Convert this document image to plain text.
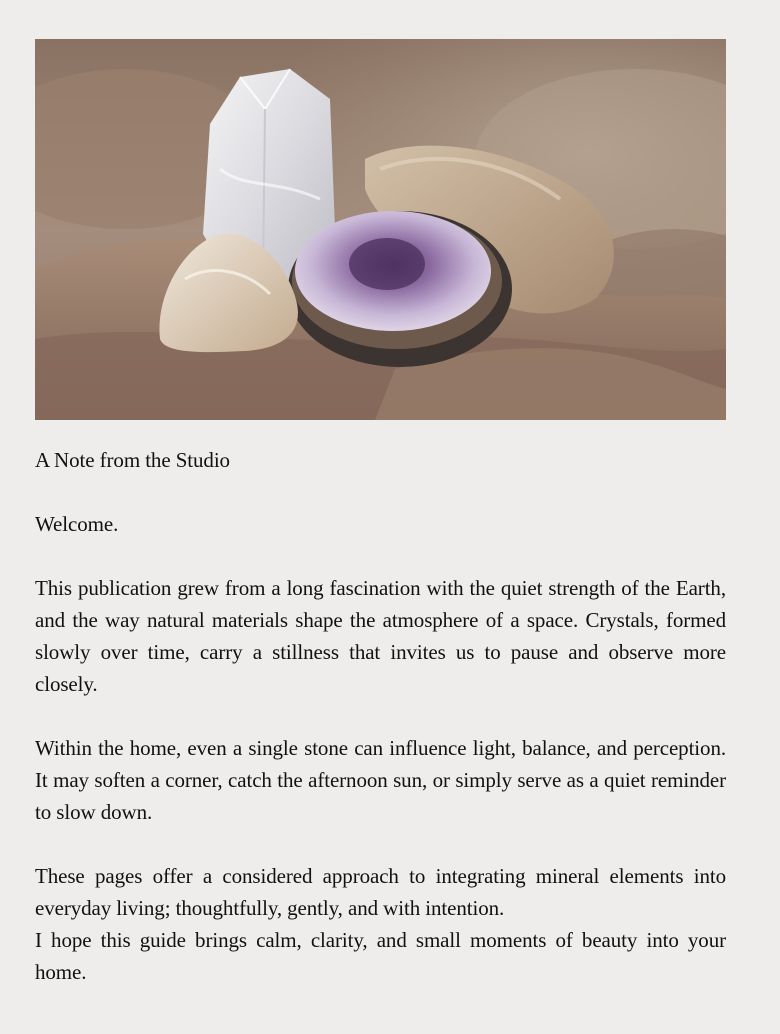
A Note from the Studio

Welcome.

This publication grew from a long fascination with the quiet strength of the Earth, and the way natural materials shape the atmosphere of a space. Crystals, formed slowly over time, carry a stillness that invites us to pause and observe more closely.

Within the home, even a single stone can influence light, balance, and perception. It may soften a corner, catch the afternoon sun, or simply serve as a quiet reminder to slow down.

These pages offer a considered approach to integrating mineral elements into everyday living; thoughtfully, gently, and with intention.

I hope this guide brings calm, clarity, and small moments of beauty into your home.
